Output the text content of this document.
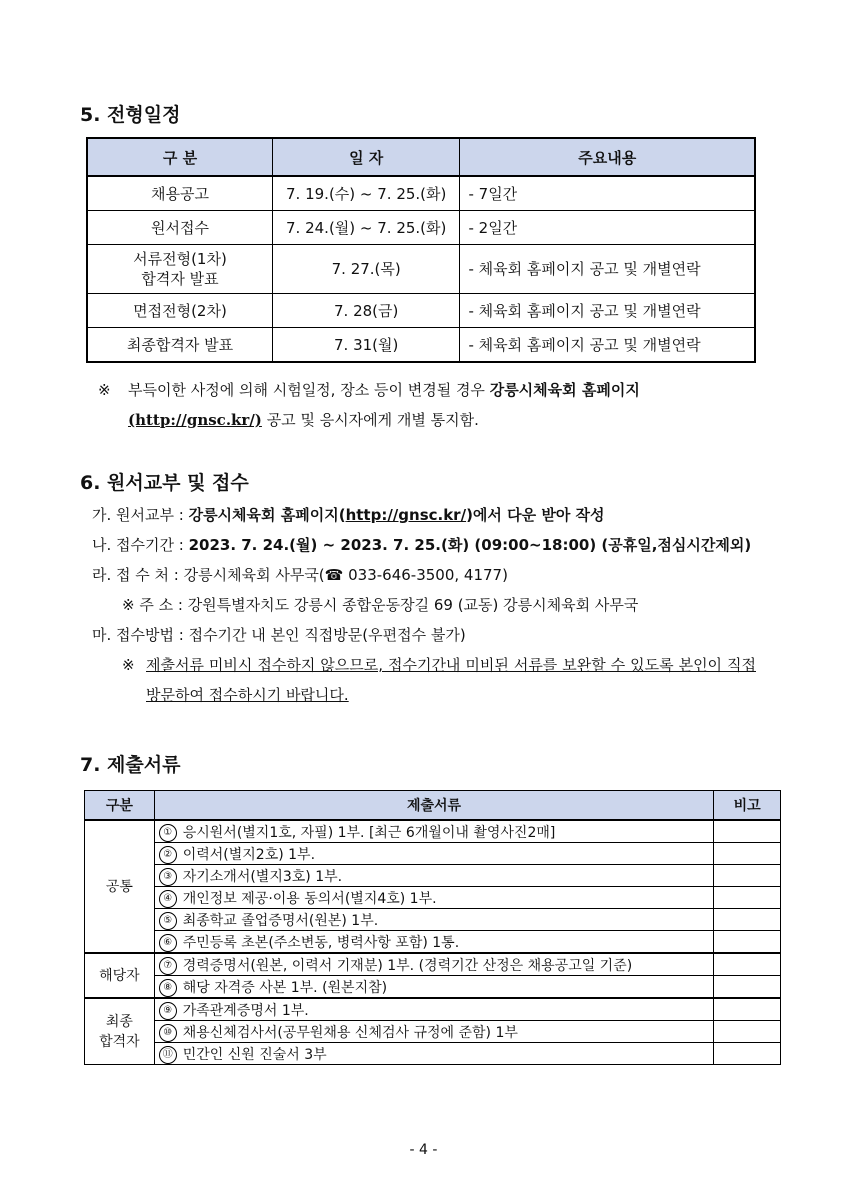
5. 전형일정
구 분	일 자	주요내용
채용공고	7. 19.(수) ~ 7. 25.(화)	- 7일간
원서접수	7. 24.(월) ~ 7. 25.(화)	- 2일간
서류전형(1차)
합격자 발표	7. 27.(목)	- 체육회 홈페이지 공고 및 개별연락
면접전형(2차)	7. 28(금)	- 체육회 홈페이지 공고 및 개별연락
최종합격자 발표	7. 31(월)	- 체육회 홈페이지 공고 및 개별연락
※ 부득이한 사정에 의해 시험일정, 장소 등이 변경될 경우 강릉시체육회 홈페이지
(http://gnsc.kr/) 공고 및 응시자에게 개별 통지함.
6. 원서교부 및 접수
가. 원서교부 : 강릉시체육회 홈페이지(http://gnsc.kr/)에서 다운 받아 작성
나. 접수기간 : 2023. 7. 24.(월) ~ 2023. 7. 25.(화) (09:00~18:00) (공휴일,점심시간제외)
라. 접 수 처 : 강릉시체육회 사무국(☎ 033-646-3500, 4177)
※ 주 소 : 강원특별자치도 강릉시 종합운동장길 69 (교동) 강릉시체육회 사무국
마. 접수방법 : 접수기간 내 본인 직접방문(우편접수 불가)
※ 제출서류 미비시 접수하지 않으므로, 접수기간내 미비된 서류를 보완할 수 있도록 본인이 직접 방문하여 접수하시기 바랍니다.
7. 제출서류
구분	제출서류	비고
공통	① 응시원서(별지1호, 자필) 1부. [최근 6개월이내 촬영사진2매]	
	② 이력서(별지2호) 1부.	
	③ 자기소개서(별지3호) 1부.	
	④ 개인정보 제공·이용 동의서(별지4호) 1부.	
	⑤ 최종학교 졸업증명서(원본) 1부.	
	⑥ 주민등록 초본(주소변동, 병력사항 포함) 1통.	
해당자	⑦ 경력증명서(원본, 이력서 기재분) 1부. (경력기간 산정은 채용공고일 기준)	
	⑧ 해당 자격증 사본 1부. (원본지참)	
최종
합격자	⑨ 가족관계증명서 1부.	
	⑩ 채용신체검사서(공무원채용 신체검사 규정에 준함) 1부	
	⑪ 민간인 신원 진술서 3부	
- 4 -
